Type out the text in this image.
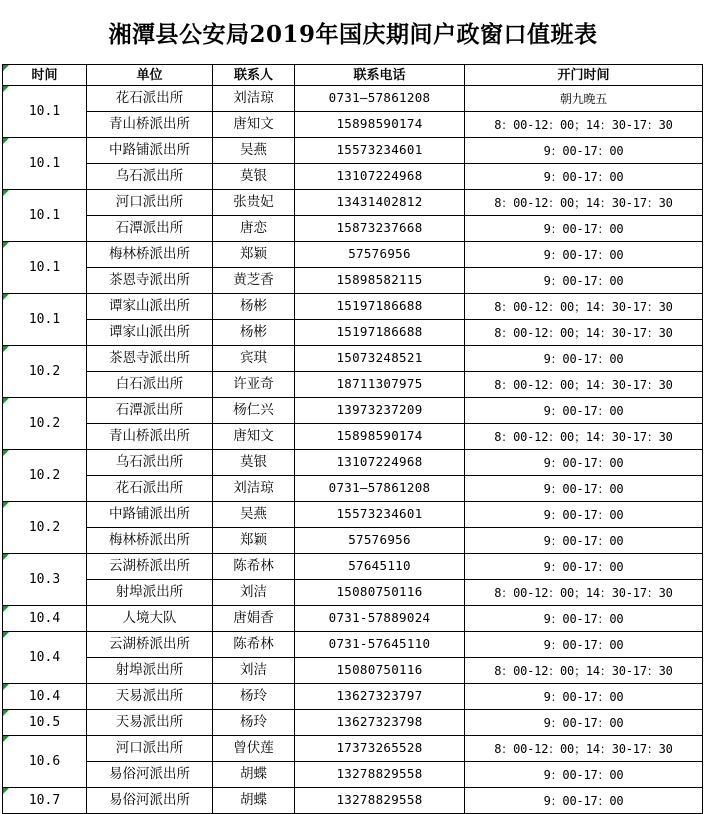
湘潭县公安局2019年国庆期间户政窗口值班表
时间	单位	联系人	联系电话	开门时间
10.1	花石派出所	刘洁琼	0731—57861208	朝九晚五
	青山桥派出所	唐知文	15898590174	8：00-12：00；14：30-17：30
10.1	中路铺派出所	吴燕	15573234601	9：00-17：00
	乌石派出所	莫银	13107224968	9：00-17：00
10.1	河口派出所	张贵妃	13431402812	8：00-12：00；14：30-17：30
	石潭派出所	唐恋	15873237668	9：00-17：00
10.1	梅林桥派出所	郑颖	57576956	9：00-17：00
	茶恩寺派出所	黄芝香	15898582115	9：00-17：00
10.1	谭家山派出所	杨彬	15197186688	8：00-12：00；14：30-17：30
	谭家山派出所	杨彬	15197186688	8：00-12：00；14：30-17：30
10.2	茶恩寺派出所	宾琪	15073248521	9：00-17：00
	白石派出所	许亚奇	18711307975	8：00-12：00；14：30-17：30
10.2	石潭派出所	杨仁兴	13973237209	9：00-17：00
	青山桥派出所	唐知文	15898590174	8：00-12：00；14：30-17：30
10.2	乌石派出所	莫银	13107224968	9：00-17：00
	花石派出所	刘洁琼	0731—57861208	9：00-17：00
10.2	中路铺派出所	吴燕	15573234601	9：00-17：00
	梅林桥派出所	郑颖	57576956	9：00-17：00
10.3	云湖桥派出所	陈希林	57645110	9：00-17：00
	射埠派出所	刘洁	15080750116	8：00-12：00；14：30-17：30
10.4	人境大队	唐娟香	0731-57889024	9：00-17：00
10.4	云湖桥派出所	陈希林	0731-57645110	9：00-17：00
	射埠派出所	刘洁	15080750116	8：00-12：00；14：30-17：30
10.4	天易派出所	杨玲	13627323797	9：00-17：00
10.5	天易派出所	杨玲	13627323798	9：00-17：00
10.6	河口派出所	曾伏莲	17373265528	8：00-12：00；14：30-17：30
	易俗河派出所	胡蝶	13278829558	9：00-17：00
10.7	易俗河派出所	胡蝶	13278829558	9：00-17：00
